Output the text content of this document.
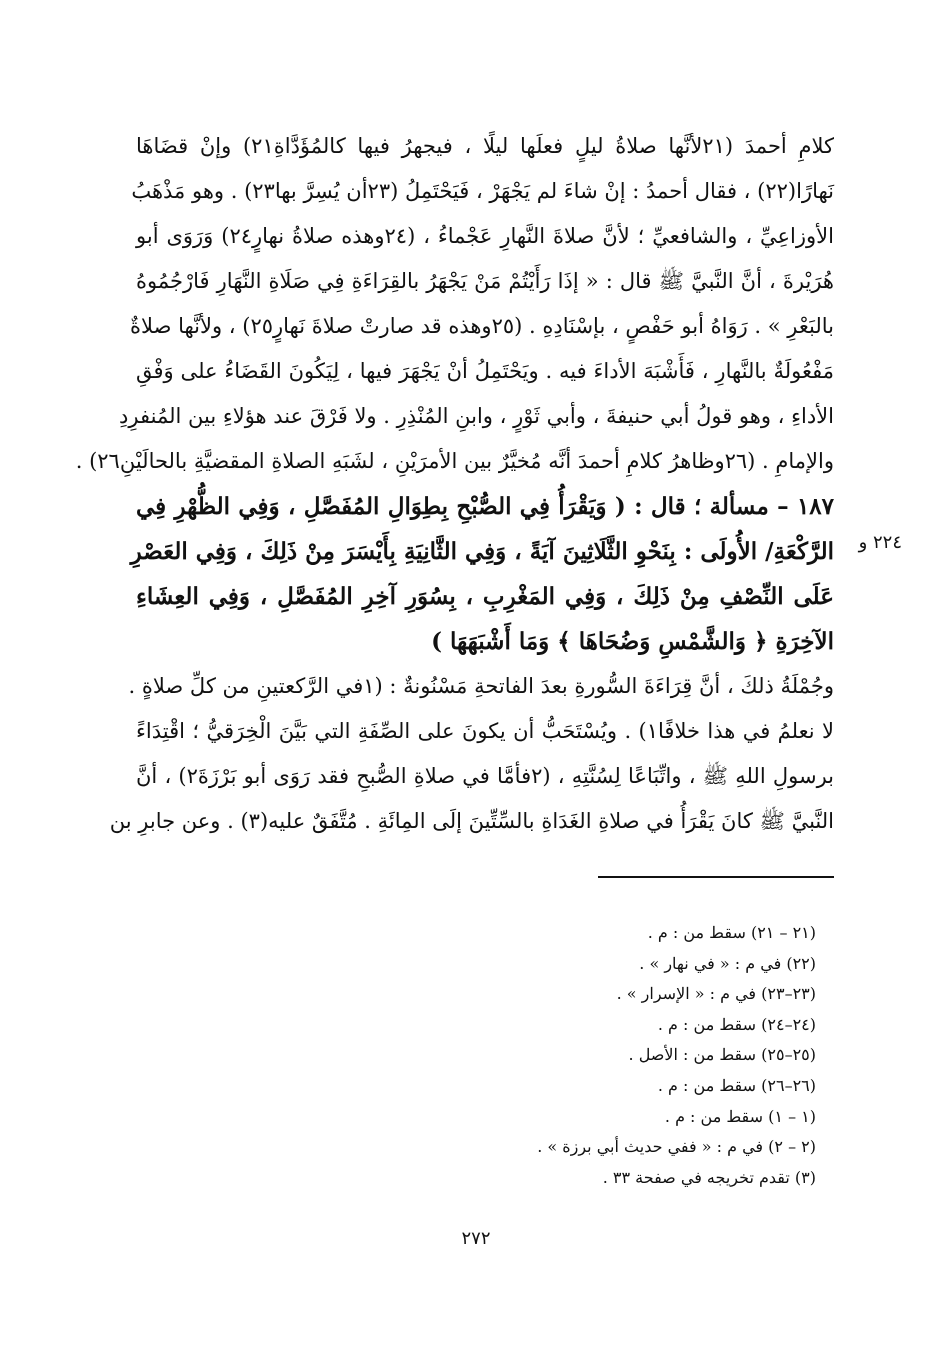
كلامِ أحمدَ (٢١لأنَّها صلاةُ ليلٍ فعلَها ليلًا ، فيجهرُ فيها كالمُؤَدَّاةِ٢١) وإنْ قضَاهَا
نَهارًا(٢٢) ، فقال أحمدُ : إنْ شاءَ لم يَجْهَرْ ، فَيَحْتَمِلُ (٢٣أن يُسِرَّ بها٢٣) . وهو مَذْهَبُ
الأوزاعِيِّ ، والشافعيِّ ؛ لأنَّ صلاةَ النَّهارِ عَجْماءُ ، (٢٤وهذه صلاةُ نهارٍ٢٤) وَرَوَى أبو
هُرَيْرةَ ، أنَّ النَّبيَّ ﷺ قال : « إذَا رَأَيْتُمْ مَنْ يَجْهَرُ بالقِرَاءَةِ فِي صَلَاةِ النَّهَارِ فَارْجُمُوهُ
بالبَعْرِ » . رَوَاهُ أبو حَفْصٍ ، بإسْنَادِهِ . (٢٥وهذه قد صارتْ صلاةَ نَهارٍ٢٥) ، ولأنَّها صلاةٌ
مَفْعُولَةٌ بالنَّهارِ ، فَأَشْبَهَ الأداءَ فيه . ويَحْتَمِلُ أنْ يَجْهَرَ فيها ، لِيَكُونَ القَضَاءُ على وَفْقِ
الأداءِ ، وهو قولُ أبي حنيفةَ ، وأبي ثَوْرٍ ، وابنِ المُنْذِرِ . ولا فَرْقَ عند هؤلاءِ بين المُنفرِدِ
والإمامِ . (٢٦وظاهرُ كلامِ أحمدَ أنَّه مُخيَّرٌ بين الأمرَيْنِ ، لشَبَهِ الصلاةِ المقضيَّةِ بالحالَيْنِ٢٦) .
١٨٧ – مسألة ؛ قال : ( وَيَقْرَأُ فِي الصُّبْحِ بِطِوَالِ المُفَصَّلِ ، وَفِي الظُّهْرِ فِي
الرَّكْعَةِ/ الأُولَى : بِنَحْوِ الثَّلَاثِينَ آيَةً ، وَفِي الثَّانِيَةِ بِأَيْسَرَ مِنْ ذَلِكَ ، وَفِي العَصْرِ
عَلَى النِّصْفِ مِنْ ذَلِكَ ، وَفِي المَغْرِبِ ، بِسُوَرِ آخِرِ المُفَصَّلِ ، وَفِي العِشَاءِ
الآخِرَةِ ﴿ وَالشَّمْسِ وَضُحَاهَا ﴾ وَمَا أَشْبَهَهَا )
وجُمْلَةُ ذلكَ ، أنَّ قِرَاءَةَ السُّورةِ بعدَ الفاتحةِ مَسْنُونةٌ : (١في الرَّكعتينِ من كلِّ صلاةٍ .
لا نعلمُ في هذا خلافًا١) . ويُسْتَحَبُّ أن يكونَ على الصِّفَةِ التي بَيَّنَ الْخِرَقيُّ ؛ اقْتِدَاءً
برسولِ اللهِ ﷺ ، واتِّبَاعًا لِسُنَّتِهِ ، (٢فأمَّا في صلاةِ الصُّبحِ فقد رَوَى أبو بَرْزَةَ٢) ، أنَّ
النَّبيَّ ﷺ كانَ يَقْرَأُ في صلاةِ الغَدَاةِ بالسِّتِّينَ إلَى المِائَةِ . مُتَّفَقٌ عليه(٣) . وعن جابرِ بن
٢٢٤ و
(٢١ – ٢١) سقط من : م .
(٢٢) في م : « في نهار » .
(٢٣–٢٣) في م : « الإسرار » .
(٢٤–٢٤) سقط من : م .
(٢٥–٢٥) سقط من : الأصل .
(٢٦–٢٦) سقط من : م .
(١ – ١) سقط من : م .
(٢ – ٢) في م : « ففي حديث أبي برزة » .
(٣) تقدم تخريجه في صفحة ٣٣ .
٢٧٢
